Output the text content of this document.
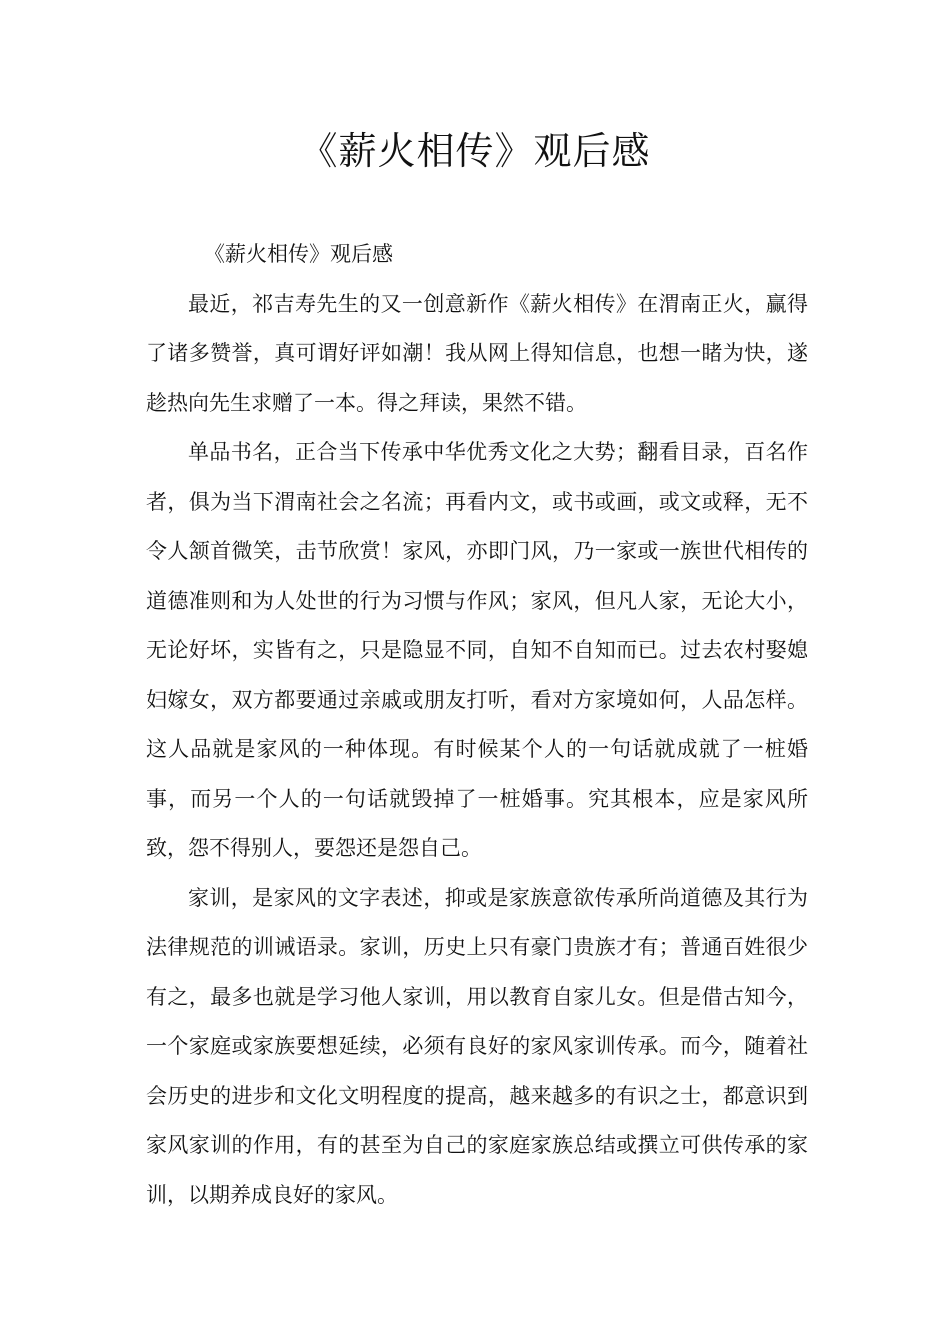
《薪火相传》观后感

《薪火相传》观后感

最近，祁吉寿先生的又一创意新作《薪火相传》在渭南正火，赢得了诸多赞誉，真可谓好评如潮！我从网上得知信息，也想一睹为快，遂趁热向先生求赠了一本。得之拜读，果然不错。

单品书名，正合当下传承中华优秀文化之大势；翻看目录，百名作者，俱为当下渭南社会之名流；再看内文，或书或画，或文或释，无不令人颔首微笑，击节欣赏！家风，亦即门风，乃一家或一族世代相传的道德准则和为人处世的行为习惯与作风；家风，但凡人家，无论大小，无论好坏，实皆有之，只是隐显不同，自知不自知而已。过去农村娶媳妇嫁女，双方都要通过亲戚或朋友打听，看对方家境如何，人品怎样。这人品就是家风的一种体现。有时候某个人的一句话就成就了一桩婚事，而另一个人的一句话就毁掉了一桩婚事。究其根本，应是家风所致，怨不得别人，要怨还是怨自己。

家训，是家风的文字表述，抑或是家族意欲传承所尚道德及其行为法律规范的训诫语录。家训，历史上只有豪门贵族才有；普通百姓很少有之，最多也就是学习他人家训，用以教育自家儿女。但是借古知今，一个家庭或家族要想延续，必须有良好的家风家训传承。而今，随着社会历史的进步和文化文明程度的提高，越来越多的有识之士，都意识到家风家训的作用，有的甚至为自己的家庭家族总结或撰立可供传承的家训，以期养成良好的家风。
